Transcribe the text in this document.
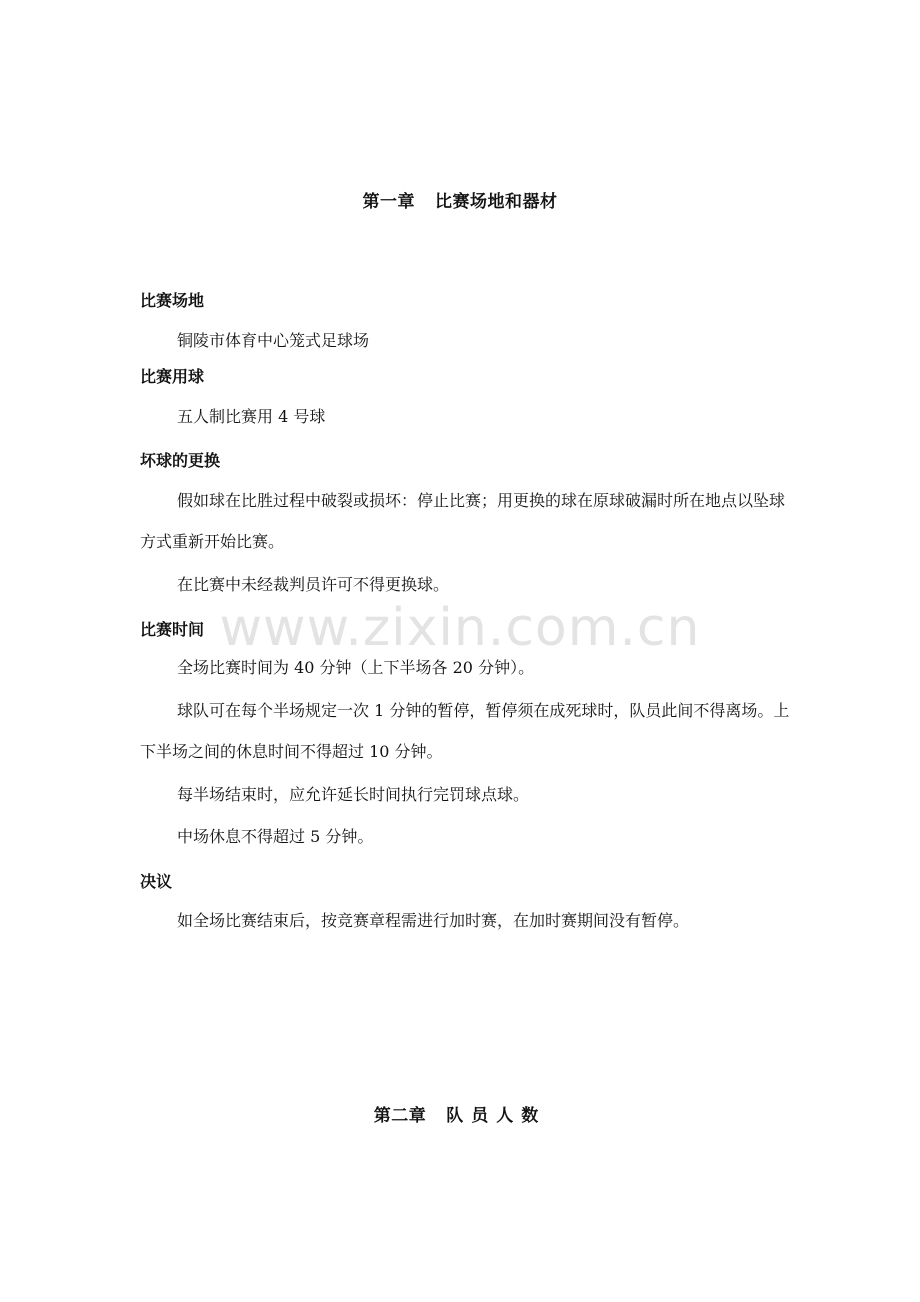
第一章 比赛场地和器材
比赛场地

铜陵市体育中心笼式足球场

比赛用球

五人制比赛用 4 号球

坏球的更换

假如球在比胜过程中破裂或损坏：停止比赛；用更换的球在原球破漏时所在地点以坠球方式重新开始比赛。

在比赛中未经裁判员许可不得更换球。

比赛时间

全场比赛时间为 40 分钟（上下半场各 20 分钟）。

球队可在每个半场规定一次 1 分钟的暂停，暂停须在成死球时，队员此间不得离场。上下半场之间的休息时间不得超过 10 分钟。

每半场结束时，应允许延长时间执行完罚球点球。

中场休息不得超过 5 分钟。

决议

如全场比赛结束后，按竞赛章程需进行加时赛，在加时赛期间没有暂停。

第二章 队员人数
www.zixin.com.cn
